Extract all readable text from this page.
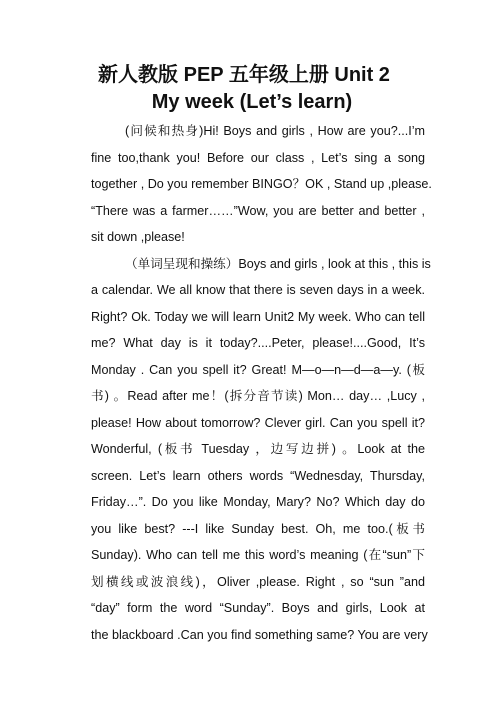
新人教版 PEP 五年级上册 Unit 2
My week (Let’s learn)
(问候和热身)Hi! Boys and girls , How are you?...I’m
fine too,thank you! Before our class , Let’s sing a song
together , Do you remember BINGO？OK , Stand up ,please.
“There was a farmer……”Wow, you are better and better ,
sit down ,please!
（单词呈现和操练）Boys and girls , look at this , this is
a calendar. We all know that there is seven days in a week.
Right? Ok. Today we will learn Unit2 My week. Who can tell
me? What day is it today?....Peter, please!....Good, It’s
Monday . Can you spell it? Great! M—o—n—d—a—y. (板
书) 。Read after me！(拆分音节读) Mon… day… ,Lucy ,
please! How about tomorrow? Clever girl. Can you spell it?
Wonderful, (板书 Tuesday ，边写边拼) 。Look at the
screen. Let’s learn others words “Wednesday, Thursday,
Friday…”. Do you like Monday, Mary? No? Which day do
you like best? ---I like Sunday best. Oh, me too.(板书
Sunday). Who can tell me this word’s meaning (在“sun”下
划横线或波浪线)，Oliver ,please. Right , so “sun ”and
“day” form the word “Sunday”. Boys and girls, Look at
the blackboard .Can you find something same? You are very
